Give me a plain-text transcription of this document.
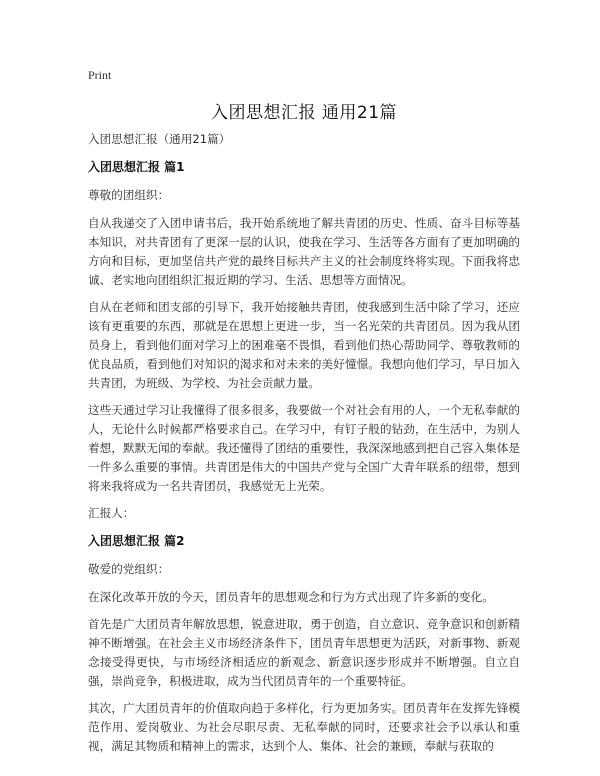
Print
入团思想汇报 通用21篇

入团思想汇报（通用21篇）

入团思想汇报 篇1

尊敬的团组织：

自从我递交了入团申请书后，我开始系统地了解共青团的历史、性质、奋斗目标等基本知识，对共青团有了更深一层的认识，使我在学习、生活等各方面有了更加明确的方向和目标，更加坚信共产党的最终目标共产主义的社会制度终将实现。下面我将忠诚、老实地向团组织汇报近期的学习、生活、思想等方面情况。

自从在老师和团支部的引导下，我开始接触共青团，使我感到生活中除了学习，还应该有更重要的东西，那就是在思想上更进一步，当一名光荣的共青团员。因为我从团员身上，看到他们面对学习上的困难毫不畏惧，看到他们热心帮助同学、尊敬教师的优良品质，看到他们对知识的渴求和对未来的美好憧憬。我想向他们学习，早日加入共青团，为班级、为学校、为社会贡献力量。

这些天通过学习让我懂得了很多很多，我要做一个对社会有用的人，一个无私奉献的人，无论什么时候都严格要求自己。在学习中，有钉子般的钻劲，在生活中，为别人着想，默默无闻的奉献。我还懂得了团结的重要性，我深深地感到把自己容入集体是一件多么重要的事情。共青团是伟大的中国共产党与全国广大青年联系的纽带，想到将来我将成为一名共青团员，我感觉无上光荣。

汇报人：

入团思想汇报 篇2

敬爱的党组织：

在深化改革开放的今天，团员青年的思想观念和行为方式出现了许多新的变化。

首先是广大团员青年解放思想，锐意进取，勇于创造，自立意识、竞争意识和创新精神不断增强。在社会主义市场经济条件下，团员青年思想更为活跃，对新事物、新观念接受得更快，与市场经济相适应的新观念、新意识逐步形成并不断增强。自立自强，崇尚竞争，积极进取，成为当代团员青年的一个重要特征。

其次，广大团员青年的价值取向趋于多样化，行为更加务实。团员青年在发挥先锋模范作用、爱岗敬业、为社会尽职尽责、无私奉献的同时，还要求社会予以承认和重视，满足其物质和精神上的需求，达到个人、集体、社会的兼顾，奉献与获取的
